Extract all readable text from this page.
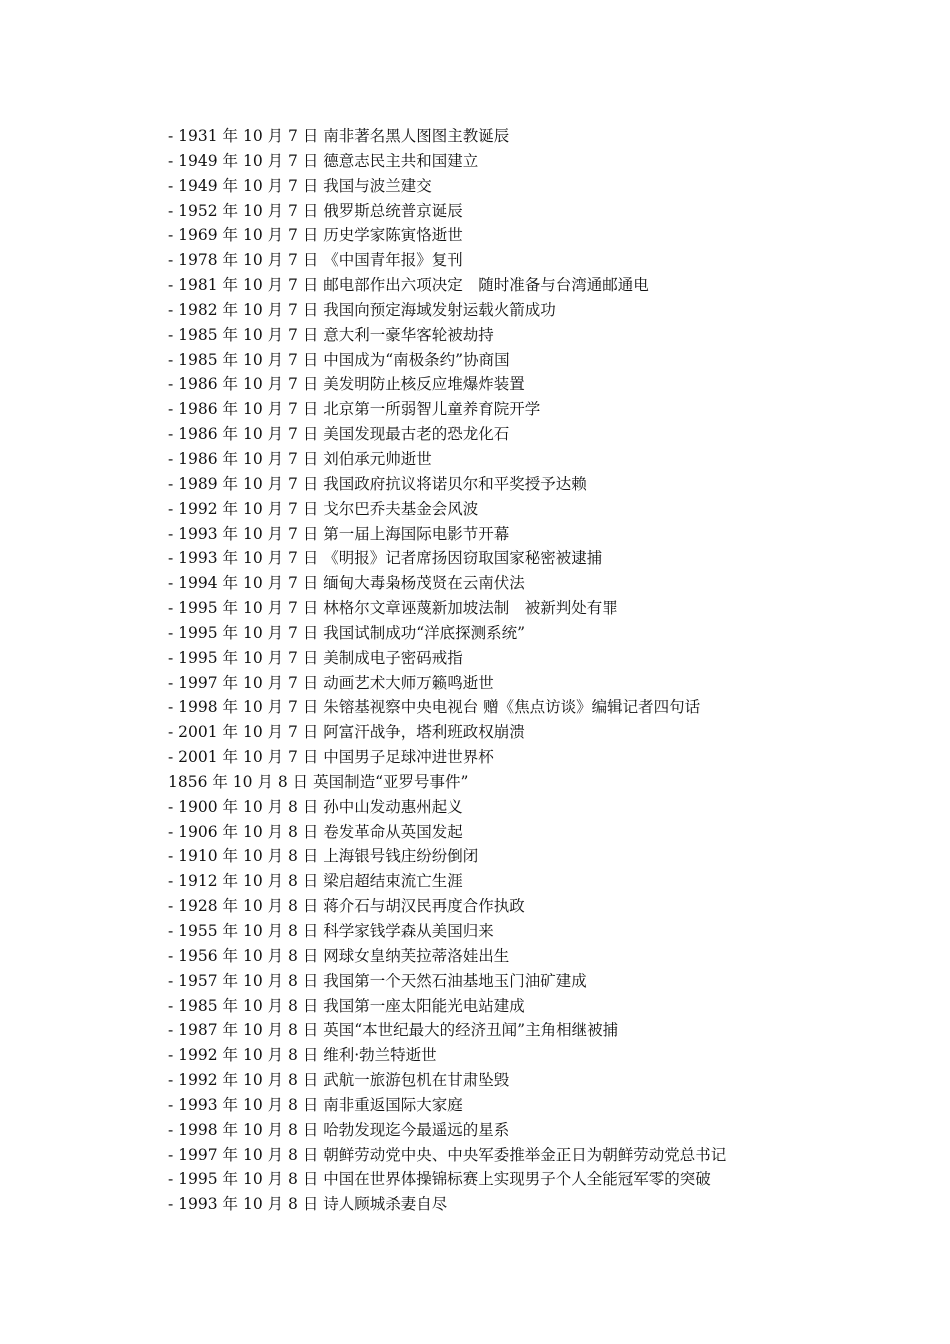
- 1931 年 10 月 7 日 南非著名黑人图图主教诞辰
- 1949 年 10 月 7 日 德意志民主共和国建立
- 1949 年 10 月 7 日 我国与波兰建交
- 1952 年 10 月 7 日 俄罗斯总统普京诞辰
- 1969 年 10 月 7 日 历史学家陈寅恪逝世
- 1978 年 10 月 7 日 《中国青年报》复刊
- 1981 年 10 月 7 日 邮电部作出六项决定　随时准备与台湾通邮通电
- 1982 年 10 月 7 日 我国向预定海域发射运载火箭成功
- 1985 年 10 月 7 日 意大利一豪华客轮被劫持
- 1985 年 10 月 7 日 中国成为“南极条约”协商国
- 1986 年 10 月 7 日 美发明防止核反应堆爆炸装置
- 1986 年 10 月 7 日 北京第一所弱智儿童养育院开学
- 1986 年 10 月 7 日 美国发现最古老的恐龙化石
- 1986 年 10 月 7 日 刘伯承元帅逝世
- 1989 年 10 月 7 日 我国政府抗议将诺贝尔和平奖授予达赖
- 1992 年 10 月 7 日 戈尔巴乔夫基金会风波
- 1993 年 10 月 7 日 第一届上海国际电影节开幕
- 1993 年 10 月 7 日 《明报》记者席扬因窃取国家秘密被逮捕
- 1994 年 10 月 7 日 缅甸大毒枭杨茂贤在云南伏法
- 1995 年 10 月 7 日 林格尔文章诬蔑新加坡法制　被新判处有罪
- 1995 年 10 月 7 日 我国试制成功“洋底探测系统”
- 1995 年 10 月 7 日 美制成电子密码戒指
- 1997 年 10 月 7 日 动画艺术大师万籁鸣逝世
- 1998 年 10 月 7 日 朱镕基视察中央电视台 赠《焦点访谈》编辑记者四句话
- 2001 年 10 月 7 日 阿富汗战争，塔利班政权崩溃
- 2001 年 10 月 7 日 中国男子足球冲进世界杯
1856 年 10 月 8 日 英国制造“亚罗号事件”
- 1900 年 10 月 8 日 孙中山发动惠州起义
- 1906 年 10 月 8 日 卷发革命从英国发起
- 1910 年 10 月 8 日 上海银号钱庄纷纷倒闭
- 1912 年 10 月 8 日 梁启超结束流亡生涯
- 1928 年 10 月 8 日 蒋介石与胡汉民再度合作执政
- 1955 年 10 月 8 日 科学家钱学森从美国归来
- 1956 年 10 月 8 日 网球女皇纳芙拉蒂洛娃出生
- 1957 年 10 月 8 日 我国第一个天然石油基地玉门油矿建成
- 1985 年 10 月 8 日 我国第一座太阳能光电站建成
- 1987 年 10 月 8 日 英国“本世纪最大的经济丑闻”主角相继被捕
- 1992 年 10 月 8 日 维利·勃兰特逝世
- 1992 年 10 月 8 日 武航一旅游包机在甘肃坠毁
- 1993 年 10 月 8 日 南非重返国际大家庭
- 1998 年 10 月 8 日 哈勃发现迄今最遥远的星系
- 1997 年 10 月 8 日 朝鲜劳动党中央、中央军委推举金正日为朝鲜劳动党总书记
- 1995 年 10 月 8 日 中国在世界体操锦标赛上实现男子个人全能冠军零的突破
- 1993 年 10 月 8 日 诗人顾城杀妻自尽
